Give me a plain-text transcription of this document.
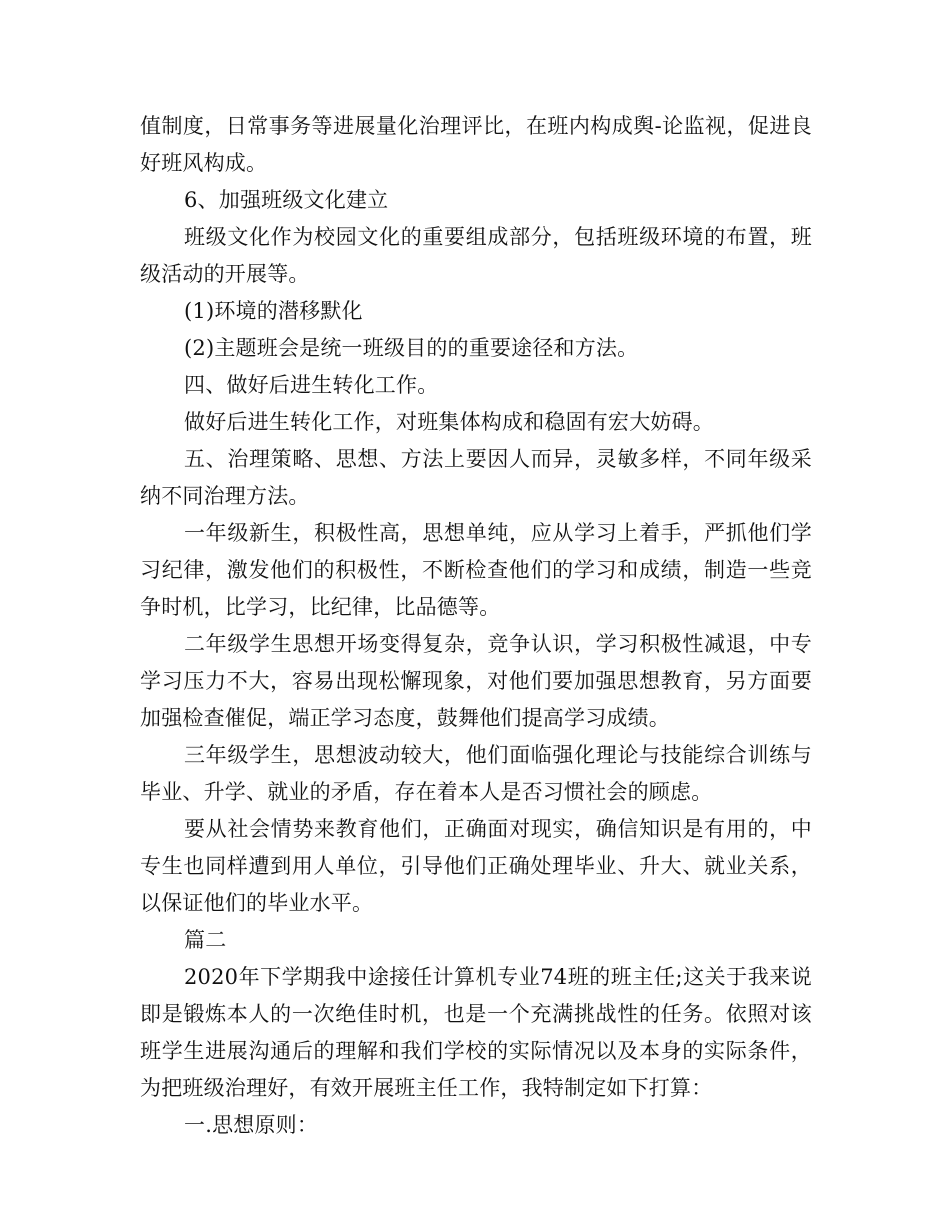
值制度，日常事务等进展量化治理评比，在班内构成舆-论监视，促进良好班风构成。

6、加强班级文化建立

班级文化作为校园文化的重要组成部分，包括班级环境的布置，班级活动的开展等。

(1)环境的潜移默化

(2)主题班会是统一班级目的的重要途径和方法。

四、做好后进生转化工作。

做好后进生转化工作，对班集体构成和稳固有宏大妨碍。

五、治理策略、思想、方法上要因人而异，灵敏多样，不同年级采纳不同治理方法。

一年级新生，积极性高，思想单纯，应从学习上着手，严抓他们学习纪律，激发他们的积极性，不断检查他们的学习和成绩，制造一些竞争时机，比学习，比纪律，比品德等。

二年级学生思想开场变得复杂，竞争认识，学习积极性减退，中专学习压力不大，容易出现松懈现象，对他们要加强思想教育，另方面要加强检查催促，端正学习态度，鼓舞他们提高学习成绩。

三年级学生，思想波动较大，他们面临强化理论与技能综合训练与毕业、升学、就业的矛盾，存在着本人是否习惯社会的顾虑。

要从社会情势来教育他们，正确面对现实，确信知识是有用的，中专生也同样遭到用人单位，引导他们正确处理毕业、升大、就业关系，以保证他们的毕业水平。

篇二

2020年下学期我中途接任计算机专业74班的班主任;这关于我来说即是锻炼本人的一次绝佳时机，也是一个充满挑战性的任务。依照对该班学生进展沟通后的理解和我们学校的实际情况以及本身的实际条件，为把班级治理好，有效开展班主任工作，我特制定如下打算：

一.思想原则：
